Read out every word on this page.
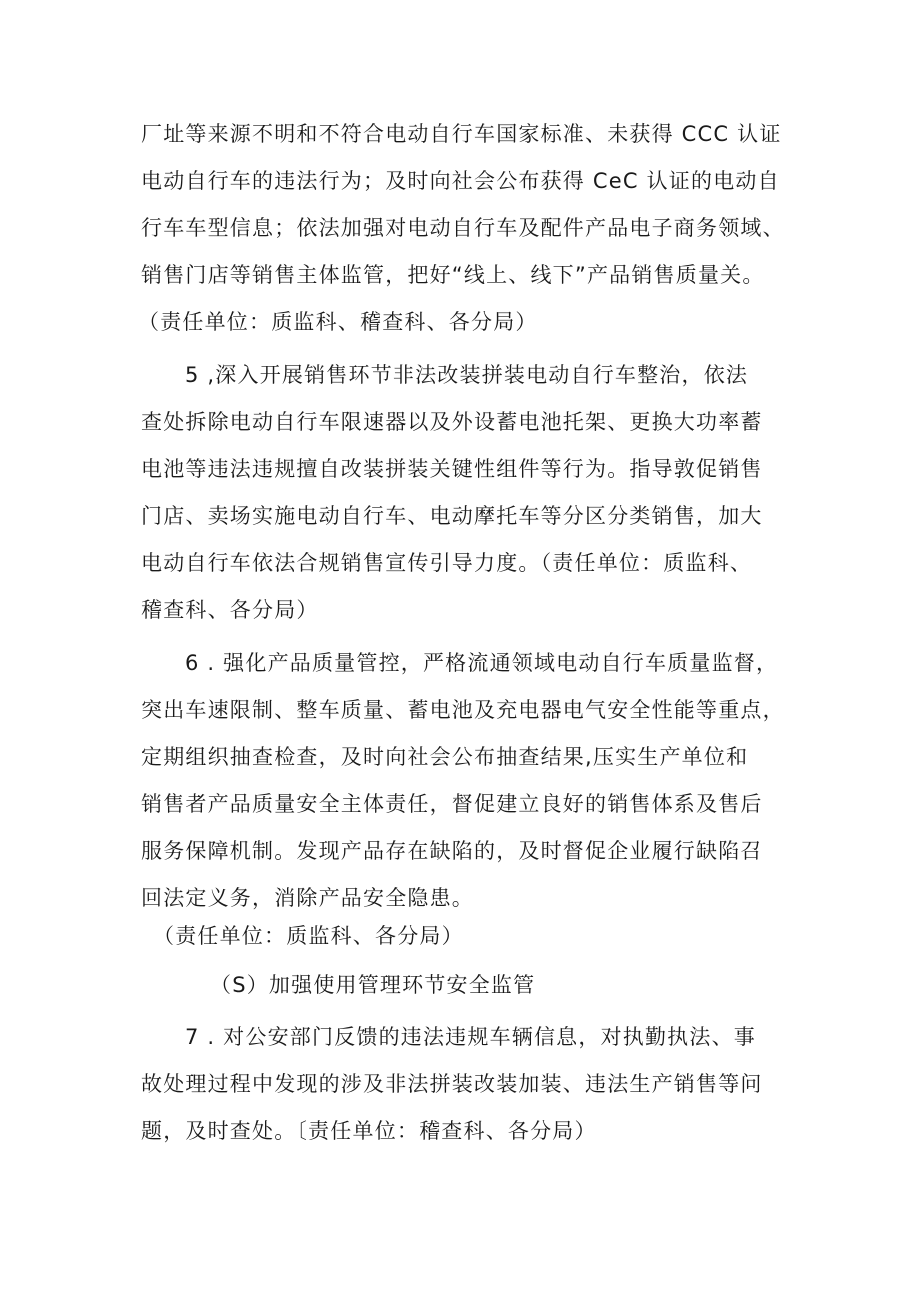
厂址等来源不明和不符合电动自行车国家标准、未获得 CCC 认证
电动自行车的违法行为；及时向社会公布获得 CeC 认证的电动自
行车车型信息；依法加强对电动自行车及配件产品电子商务领域、
销售门店等销售主体监管，把好“线上、线下”产品销售质量关。
（责任单位：质监科、稽查科、各分局）
5 ,深入开展销售环节非法改装拼装电动自行车整治，依法
查处拆除电动自行车限速器以及外设蓄电池托架、更换大功率蓄
电池等违法违规擅自改装拼装关键性组件等行为。指导敦促销售
门店、卖场实施电动自行车、电动摩托车等分区分类销售，加大
电动自行车依法合规销售宣传引导力度。（责任单位：质监科、
稽查科、各分局）
6 . 强化产品质量管控，严格流通领域电动自行车质量监督，
突出车速限制、整车质量、蓄电池及充电器电气安全性能等重点，
定期组织抽查检查，及时向社会公布抽查结果,压实生产单位和
销售者产品质量安全主体责任，督促建立良好的销售体系及售后
服务保障机制。发现产品存在缺陷的，及时督促企业履行缺陷召
回法定义务，消除产品安全隐患。
（责任单位：质监科、各分局）
（S）加强使用管理环节安全监管
7 . 对公安部门反馈的违法违规车辆信息，对执勤执法、事
故处理过程中发现的涉及非法拼装改装加装、违法生产销售等问
题，及时查处。〔责任单位：稽查科、各分局）
